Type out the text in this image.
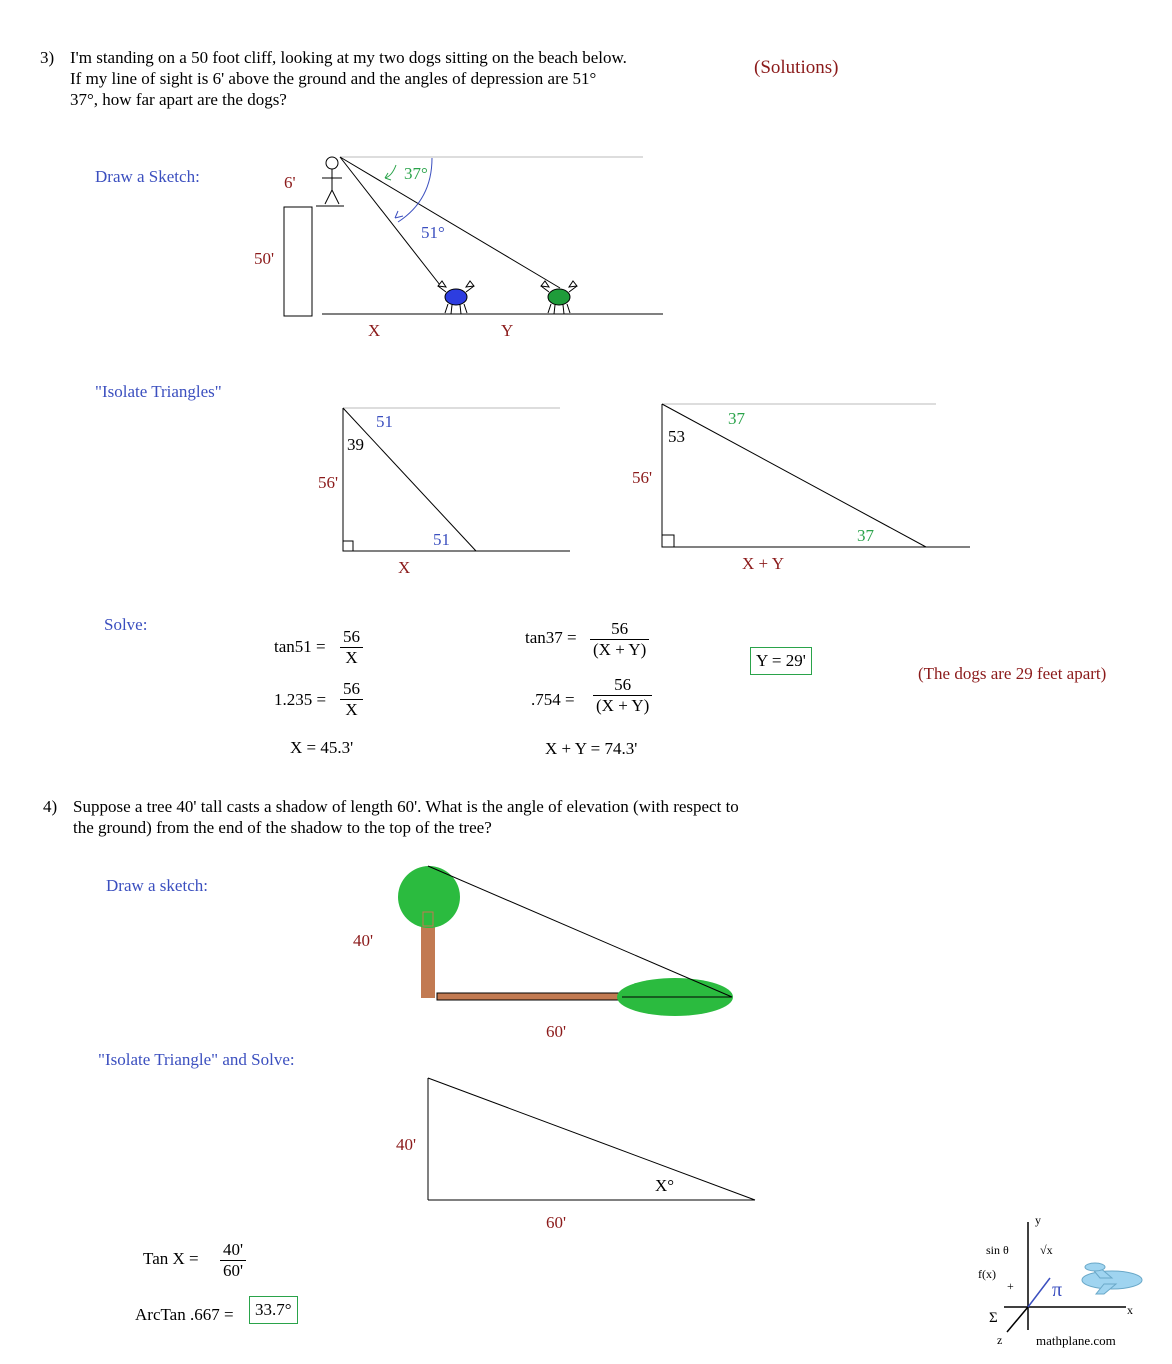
3) I'm standing on a 50 foot cliff, looking at my two dogs sitting on the beach below.
If my line of sight is 6' above the ground and the angles of depression are 51°
37°, how far apart are the dogs?
(Solutions)
Draw a Sketch:	6'
50'
37°
51°
X	Y
"Isolate Triangles"
51
39
51
56'
X
37
53
37
56'
X + Y
Solve:
$\tan 51 = \frac{56}{X}$
$1.235 = \frac{56}{X}$
X = 45.3'
$\tan 37 = \frac{56}{(X + Y)}$
$.754 = \frac{56}{(X + Y)}$
X + Y = 74.3'
Y = 29'
(The dogs are 29 feet apart)
4) Suppose a tree 40' tall casts a shadow of length 60'. What is the angle of elevation (with respect to
the ground) from the end of the shadow to the top of the tree?
Draw a sketch:
40'
60'
"Isolate Triangle" and Solve:
40'
60'
X°
Tan $X = \frac{40'}{60'}$
ArcTan .667 =	33.7°
sin θ	√x
f(x)
+ π
Σ
y
x
z	mathplane.com
